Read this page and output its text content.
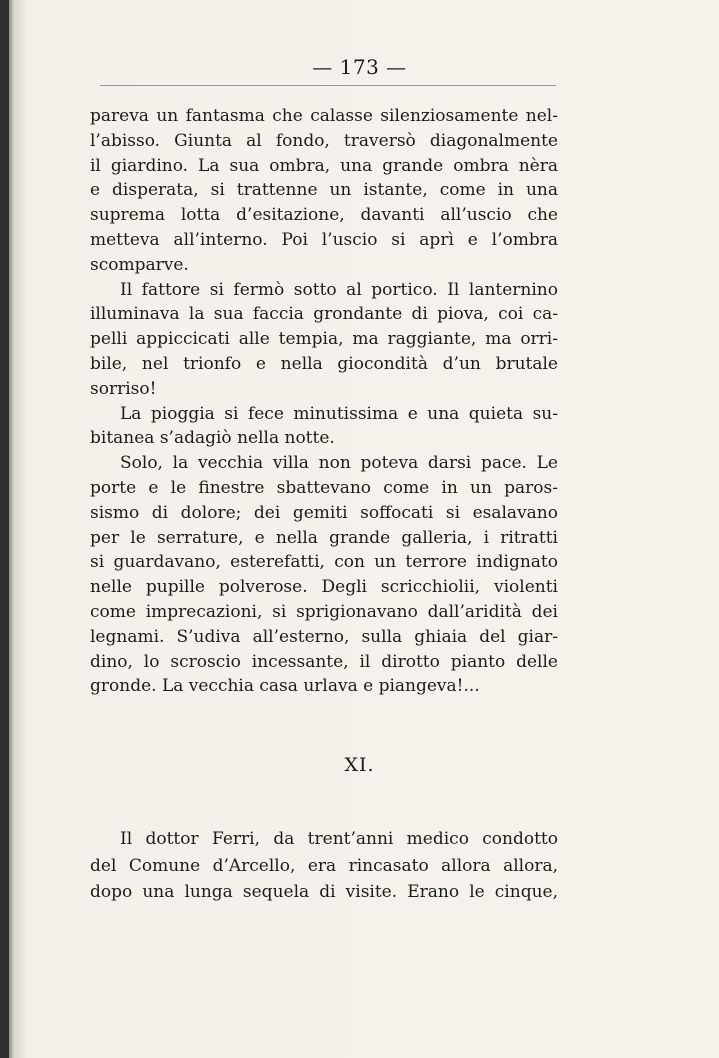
— 173 —

pareva un fantasma che calasse silenziosamente nel-
l’abisso. Giunta al fondo, traversò diagonalmente
il giardino. La sua ombra, una grande ombra nèra
e disperata, si trattenne un istante, come in una
suprema lotta d’esitazione, davanti all’uscio che
metteva all’interno. Poi l’uscio si aprì e l’ombra
scomparve.

Il fattore si fermò sotto al portico. Il lanternino
illuminava la sua faccia grondante di piova, coi ca-
pelli appiccicati alle tempia, ma raggiante, ma orri-
bile, nel trionfo e nella giocondità d’un brutale
sorriso!

La pioggia si fece minutissima e una quieta su-
bitanea s’adagiò nella notte.

Solo, la vecchia villa non poteva darsi pace. Le
porte e le finestre sbattevano come in un paros-
sismo di dolore; dei gemiti soffocati si esalavano
per le serrature, e nella grande galleria, i ritratti
si guardavano, esterefatti, con un terrore indignato
nelle pupille polverose. Degli scricchiolii, violenti
come imprecazioni, si sprigionavano dall’aridità dei
legnami. S’udiva all’esterno, sulla ghiaia del giar-
dino, lo scroscio incessante, il dirotto pianto delle
gronde. La vecchia casa urlava e piangeva!...

XI.

Il dottor Ferri, da trent’anni medico condotto
del Comune d’Arcello, era rincasato allora allora,
dopo una lunga sequela di visite. Erano le cinque,
